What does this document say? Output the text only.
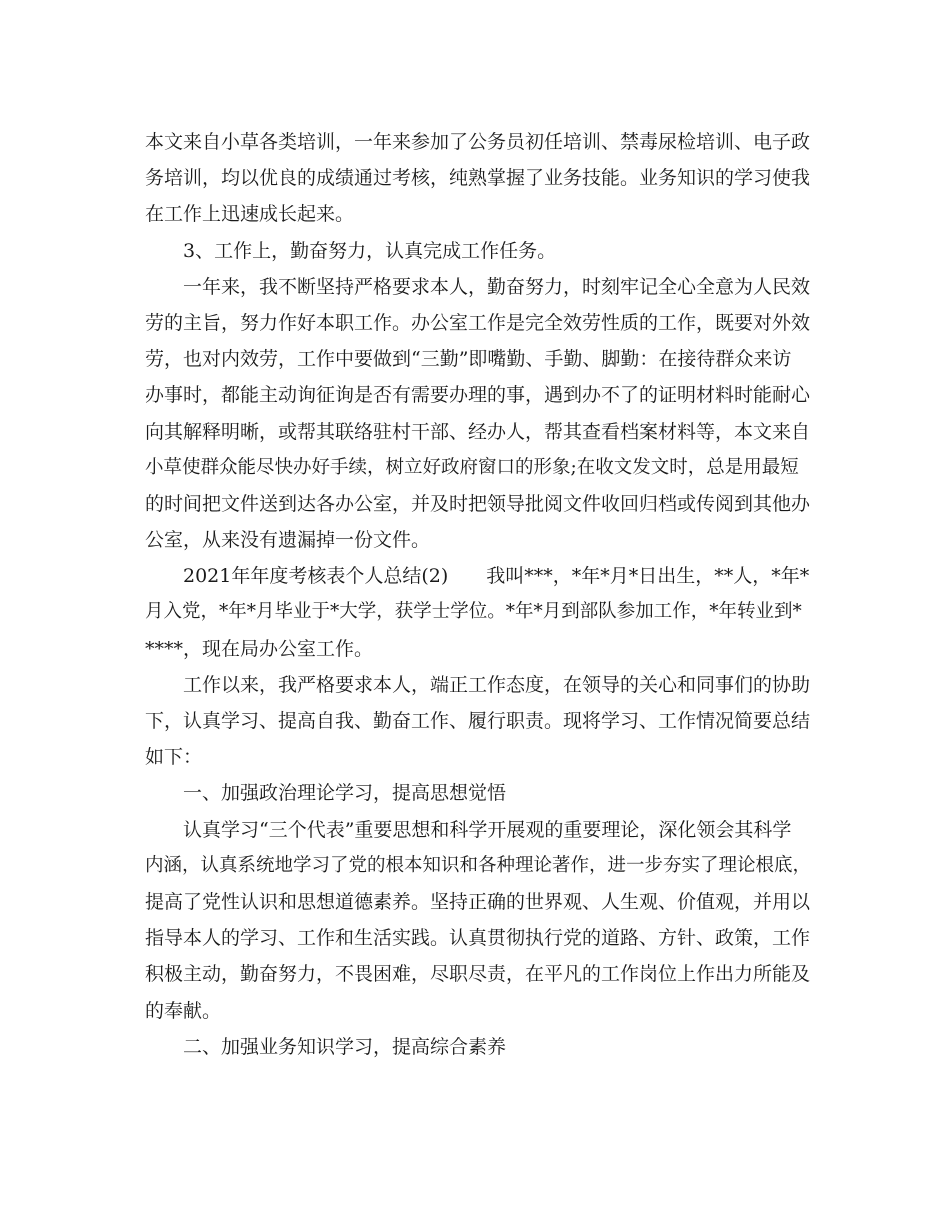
本文来自小草各类培训，一年来参加了公务员初任培训、禁毒尿检培训、电子政
务培训，均以优良的成绩通过考核，纯熟掌握了业务技能。业务知识的学习使我
在工作上迅速成长起来。
3、工作上，勤奋努力，认真完成工作任务。
一年来，我不断坚持严格要求本人，勤奋努力，时刻牢记全心全意为人民效
劳的主旨，努力作好本职工作。办公室工作是完全效劳性质的工作，既要对外效
劳，也对内效劳，工作中要做到“三勤”即嘴勤、手勤、脚勤：在接待群众来访
办事时，都能主动询征询是否有需要办理的事，遇到办不了的证明材料时能耐心
向其解释明晰，或帮其联络驻村干部、经办人，帮其查看档案材料等，本文来自
小草使群众能尽快办好手续，树立好政府窗口的形象;在收文发文时，总是用最短
的时间把文件送到达各办公室，并及时把领导批阅文件收回归档或传阅到其他办
公室，从来没有遗漏掉一份文件。
2021年年度考核表个人总结(2)　　我叫***，*年*月*日出生，**人，*年*
月入党，*年*月毕业于*大学，获学士学位。*年*月到部队参加工作，*年转业到*
****，现在局办公室工作。
工作以来，我严格要求本人，端正工作态度，在领导的关心和同事们的协助
下，认真学习、提高自我、勤奋工作、履行职责。现将学习、工作情况简要总结
如下：
一、加强政治理论学习，提高思想觉悟
认真学习“三个代表”重要思想和科学开展观的重要理论，深化领会其科学
内涵，认真系统地学习了党的根本知识和各种理论著作，进一步夯实了理论根底，
提高了党性认识和思想道德素养。坚持正确的世界观、人生观、价值观，并用以
指导本人的学习、工作和生活实践。认真贯彻执行党的道路、方针、政策，工作
积极主动，勤奋努力，不畏困难，尽职尽责，在平凡的工作岗位上作出力所能及
的奉献。
二、加强业务知识学习，提高综合素养
